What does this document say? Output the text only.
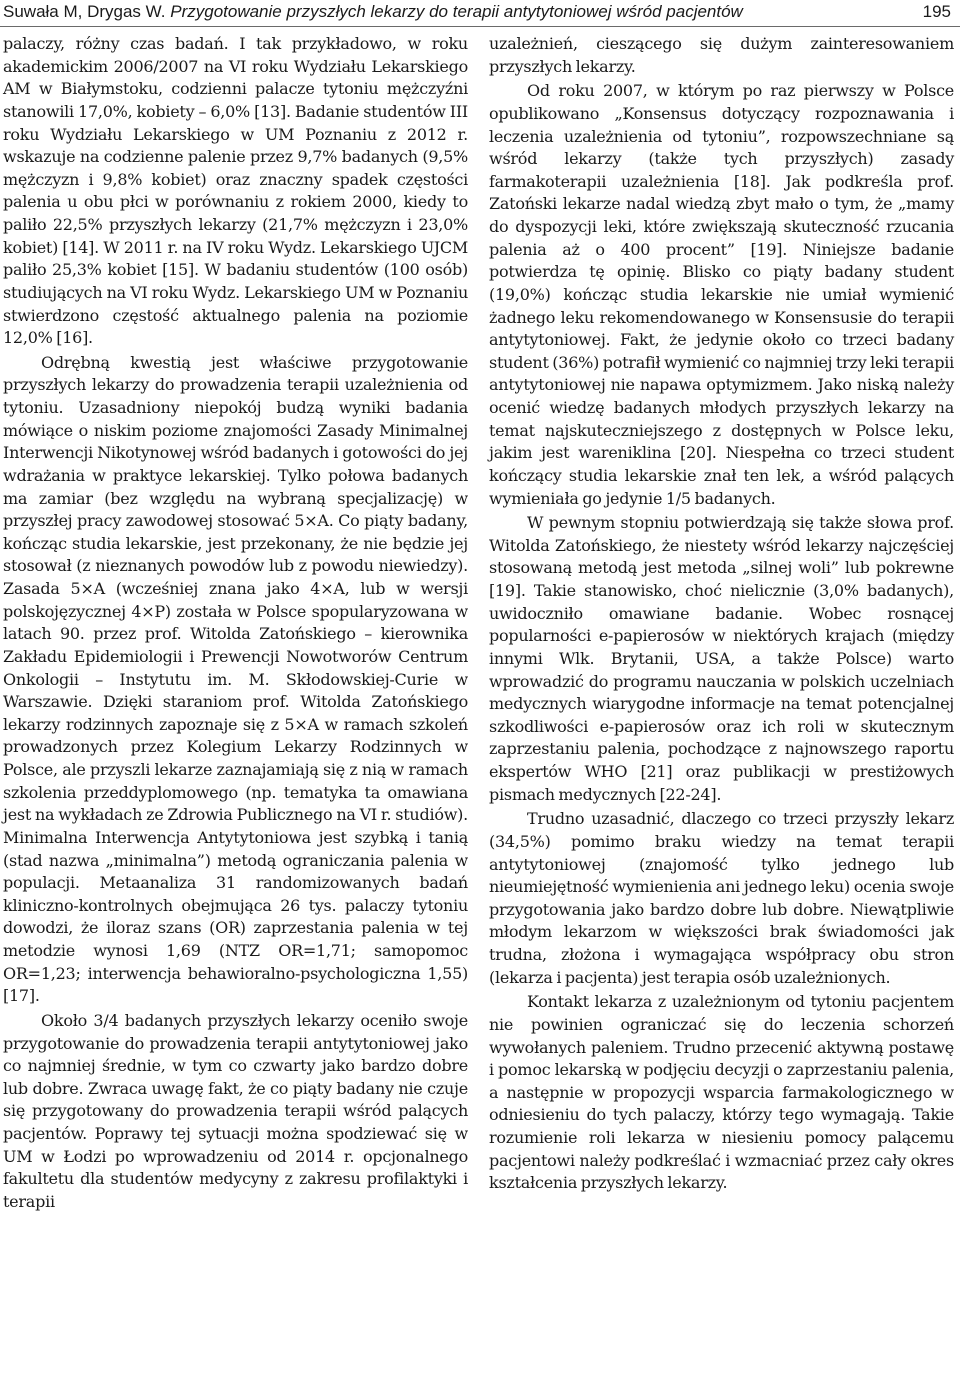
Suwała M, Drygas W. Przygotowanie przyszłych lekarzy do terapii antytytoniowej wśród pacjentów	195

palaczy, różny czas badań. I tak przykładowo, w roku akademickim 2006/2007 na VI roku Wydziału Lekarskiego AM w Białymstoku, codzienni palacze tytoniu mężczyźni stanowili 17,0%, kobiety – 6,0% [13]. Badanie studentów III roku Wydziału Lekarskiego w UM Poznaniu z 2012 r. wskazuje na codzienne palenie przez 9,7% badanych (9,5% mężczyzn i 9,8% kobiet) oraz znaczny spadek częstości palenia u obu płci w porównaniu z rokiem 2000, kiedy to paliło 22,5% przyszłych lekarzy (21,7% mężczyzn i 23,0% kobiet) [14]. W 2011 r. na IV roku Wydz. Lekarskiego UJCM paliło 25,3% kobiet [15]. W badaniu studentów (100 osób) studiujących na VI roku Wydz. Lekarskiego UM w Poznaniu stwierdzono częstość aktualnego palenia na poziomie 12,0% [16].

Odrębną kwestią jest właściwe przygotowanie przyszłych lekarzy do prowadzenia terapii uzależnienia od tytoniu. Uzasadniony niepokój budzą wyniki badania mówiące o niskim poziome znajomości Zasady Minimalnej Interwencji Nikotynowej wśród badanych i gotowości do jej wdrażania w praktyce lekarskiej. Tylko połowa badanych ma zamiar (bez względu na wybraną specjalizację) w przyszłej pracy zawodowej stosować 5×A. Co piąty badany, kończąc studia lekarskie, jest przekonany, że nie będzie jej stosował (z nieznanych powodów lub z powodu niewiedzy). Zasada 5×A (wcześniej znana jako 4×A, lub w wersji polskojęzycznej 4×P) została w Polsce spopularyzowana w latach 90. przez prof. Witolda Zatońskiego – kierownika Zakładu Epidemiologii i Prewencji Nowotworów Centrum Onkologii – Instytutu im. M. Skłodowskiej-Curie w Warszawie. Dzięki staraniom prof. Witolda Zatońskiego lekarzy rodzinnych zapoznaje się z 5×A w ramach szkoleń prowadzonych przez Kolegium Lekarzy Rodzinnych w Polsce, ale przyszli lekarze zaznajamiają się z nią w ramach szkolenia przeddyplomowego (np. tematyka ta omawiana jest na wykładach ze Zdrowia Publicznego na VI r. studiów). Minimalna Interwencja Antytytoniowa jest szybką i tanią (stad nazwa „minimalna”) metodą ograniczania palenia w populacji. Metaanaliza 31 randomizowanych badań kliniczno-kontrolnych obejmująca 26 tys. palaczy tytoniu dowodzi, że iloraz szans (OR) zaprzestania palenia w tej metodzie wynosi 1,69 (NTZ OR=1,71; samopomoc OR=1,23; interwencja behawioralno-psychologiczna 1,55) [17].

Około 3/4 badanych przyszłych lekarzy oceniło swoje przygotowanie do prowadzenia terapii antytytoniowej jako co najmniej średnie, w tym co czwarty jako bardzo dobre lub dobre. Zwraca uwagę fakt, że co piąty badany nie czuje się przygotowany do prowadzenia terapii wśród palących pacjentów. Poprawy tej sytuacji można spodziewać się w UM w Łodzi po wprowadzeniu od 2014 r. opcjonalnego fakultetu dla studentów medycyny z zakresu profilaktyki i terapii

uzależnień, cieszącego się dużym zainteresowaniem przyszłych lekarzy.

Od roku 2007, w którym po raz pierwszy w Polsce opublikowano „Konsensus dotyczący rozpoznawania i leczenia uzależnienia od tytoniu”, rozpowszechniane są wśród lekarzy (także tych przyszłych) zasady farmakoterapii uzależnienia [18]. Jak podkreśla prof. Zatoński lekarze nadal wiedzą zbyt mało o tym, że „mamy do dyspozycji leki, które zwiększają skuteczność rzucania palenia aż o 400 procent” [19]. Niniejsze badanie potwierdza tę opinię. Blisko co piąty badany student (19,0%) kończąc studia lekarskie nie umiał wymienić żadnego leku rekomendowanego w Konsensusie do terapii antytytoniowej. Fakt, że jedynie około co trzeci badany student (36%) potrafił wymienić co najmniej trzy leki terapii antytytoniowej nie napawa optymizmem. Jako niską należy ocenić wiedzę badanych młodych przyszłych lekarzy na temat najskuteczniejszego z dostępnych w Polsce leku, jakim jest wareniklina [20]. Niespełna co trzeci student kończący studia lekarskie znał ten lek, a wśród palących wymieniała go jedynie 1/5 badanych.

W pewnym stopniu potwierdzają się także słowa prof. Witolda Zatońskiego, że niestety wśród lekarzy najczęściej stosowaną metodą jest metoda „silnej woli” lub pokrewne [19]. Takie stanowisko, choć nielicznie (3,0% badanych), uwidoczniło omawiane badanie. Wobec rosnącej popularności e-papierosów w niektórych krajach (między innymi Wlk. Brytanii, USA, a także Polsce) warto wprowadzić do programu nauczania w polskich uczelniach medycznych wiarygodne informacje na temat potencjalnej szkodliwości e-papierosów oraz ich roli w skutecznym zaprzestaniu palenia, pochodzące z najnowszego raportu ekspertów WHO [21] oraz publikacji w prestiżowych pismach medycznych [22-24].

Trudno uzasadnić, dlaczego co trzeci przyszły lekarz (34,5%) pomimo braku wiedzy na temat terapii antytytoniowej (znajomość tylko jednego lub nieumiejętność wymienienia ani jednego leku) ocenia swoje przygotowania jako bardzo dobre lub dobre. Niewątpliwie młodym lekarzom w większości brak świadomości jak trudna, złożona i wymagająca współpracy obu stron (lekarza i pacjenta) jest terapia osób uzależnionych.

Kontakt lekarza z uzależnionym od tytoniu pacjentem nie powinien ograniczać się do leczenia schorzeń wywołanych paleniem. Trudno przecenić aktywną postawę i pomoc lekarską w podjęciu decyzji o zaprzestaniu palenia, a następnie w propozycji wsparcia farmakologicznego w odniesieniu do tych palaczy, którzy tego wymagają. Takie rozumienie roli lekarza w niesieniu pomocy palącemu pacjentowi należy podkreślać i wzmacniać przez cały okres kształcenia przyszłych lekarzy.
